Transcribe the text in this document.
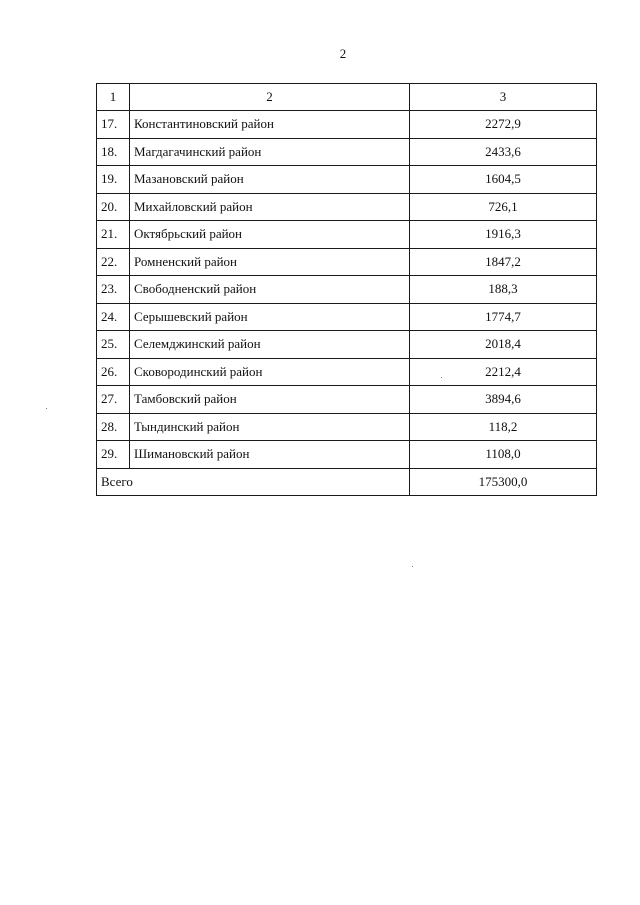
2
1	2	3
17.	Константиновский район	2272,9
18.	Магдагачинский район	2433,6
19.	Мазановский район	1604,5
20.	Михайловский район	726,1
21.	Октябрьский район	1916,3
22.	Ромненский район	1847,2
23.	Свободненский район	188,3
24.	Серышевский район	1774,7
25.	Селемджинский район	2018,4
26.	Сковородинский район	2212,4
27.	Тамбовский район	3894,6
28.	Тындинский район	118,2
29.	Шимановский район	1108,0
Всего		175300,0
